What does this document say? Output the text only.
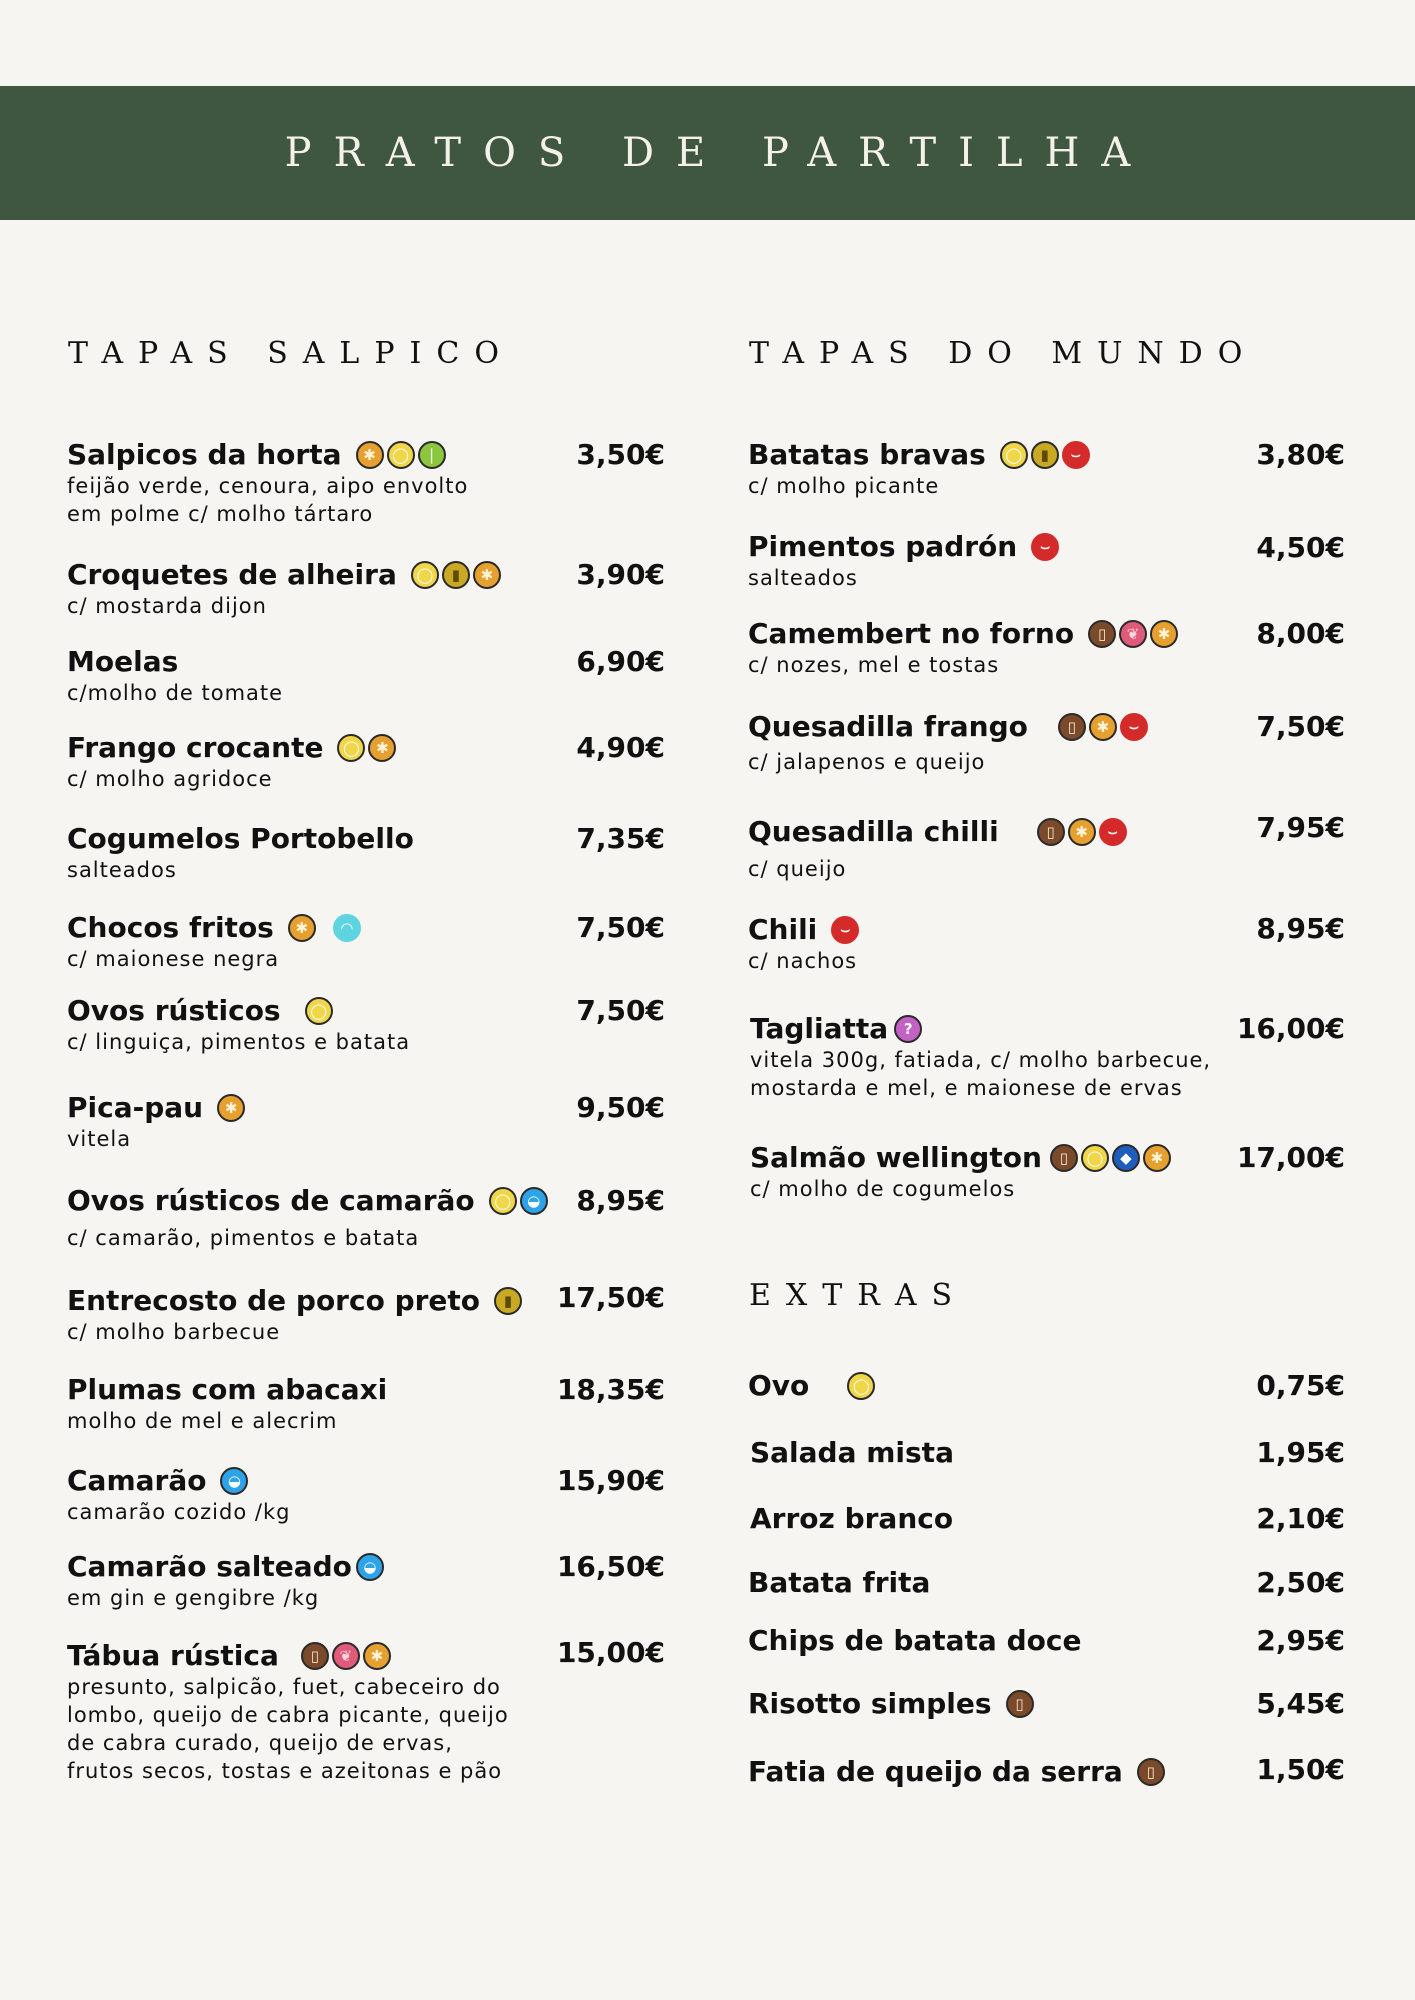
PRATOS DE PARTILHA
TAPAS SALPICO
Salpicos da horta	✱	◯	❘
feijão verde, cenoura, aipo envolto
em polme c/ molho tártaro
3,50€
Croquetes de alheira	◯	▮	✱
c/ mostarda dijon
3,90€
Moelas
c/molho de tomate
6,90€
Frango crocante	◯	✱
c/ molho agridoce
4,90€
Cogumelos Portobello
salteados
7,35€
Chocos fritos	✱	◠
c/ maionese negra
7,50€
Ovos rústicos	◯
c/ linguiça, pimentos e batata
7,50€
Pica-pau	✱
vitela
9,50€
Ovos rústicos de camarão	◯	◒
c/ camarão, pimentos e batata
8,95€
Entrecosto de porco preto	▮
c/ molho barbecue
17,50€
Plumas com abacaxi
molho de mel e alecrim
18,35€
Camarão	◒
camarão cozido /kg
15,90€
Camarão salteado ◒
em gin e gengibre /kg
16,50€
Tábua rústica	▯	❦	✱
presunto, salpicão, fuet, cabeceiro do
lombo, queijo de cabra picante, queijo
de cabra curado, queijo de ervas,
frutos secos, tostas e azeitonas e pão
15,00€
TAPAS DO MUNDO
Batatas bravas	◯	▮	⌣
c/ molho picante
3,80€
Pimentos padrón	⌣
salteados
4,50€
Camembert no forno	▯	❦	✱
c/ nozes, mel e tostas
8,00€
Quesadilla frango	▯	✱	⌣
c/ jalapenos e queijo
7,50€
Quesadilla chilli	▯	✱	⌣
c/ queijo
7,95€
Chili	⌣
c/ nachos
8,95€
Tagliatta	?
vitela 300g, fatiada, c/ molho barbecue,
mostarda e mel, e maionese de ervas
16,00€
Salmão wellington	▯	◯	◆	✱
c/ molho de cogumelos
17,00€
EXTRAS
Ovo	◯	0,75€
Salada mista	1,95€
Arroz branco	2,10€
Batata frita	2,50€
Chips de batata doce	2,95€
Risotto simples	▯	5,45€
Fatia de queijo da serra	▯	1,50€
